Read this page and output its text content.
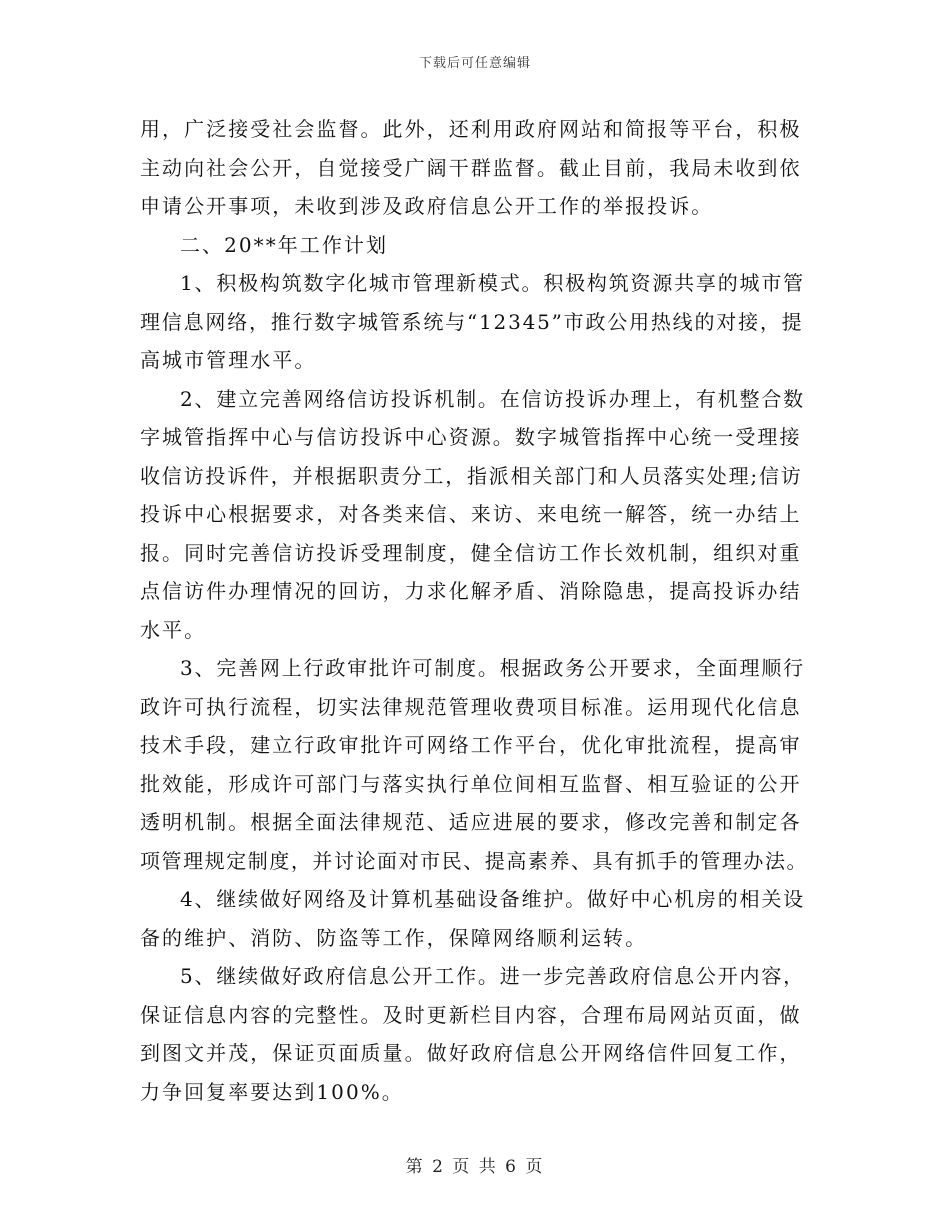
下载后可任意编辑
用，广泛接受社会监督。此外，还利用政府网站和简报等平台，积极
主动向社会公开，自觉接受广阔干群监督。截止目前，我局未收到依
申请公开事项，未收到涉及政府信息公开工作的举报投诉。
二、20**年工作计划
1、积极构筑数字化城市管理新模式。积极构筑资源共享的城市管
理信息网络，推行数字城管系统与“12345”市政公用热线的对接，提
高城市管理水平。
2、建立完善网络信访投诉机制。在信访投诉办理上，有机整合数
字城管指挥中心与信访投诉中心资源。数字城管指挥中心统一受理接
收信访投诉件，并根据职责分工，指派相关部门和人员落实处理;信访
投诉中心根据要求，对各类来信、来访、来电统一解答，统一办结上
报。同时完善信访投诉受理制度，健全信访工作长效机制，组织对重
点信访件办理情况的回访，力求化解矛盾、消除隐患，提高投诉办结
水平。
3、完善网上行政审批许可制度。根据政务公开要求，全面理顺行
政许可执行流程，切实法律规范管理收费项目标准。运用现代化信息
技术手段，建立行政审批许可网络工作平台，优化审批流程，提高审
批效能，形成许可部门与落实执行单位间相互监督、相互验证的公开
透明机制。根据全面法律规范、适应进展的要求，修改完善和制定各
项管理规定制度，并讨论面对市民、提高素养、具有抓手的管理办法。
4、继续做好网络及计算机基础设备维护。做好中心机房的相关设
备的维护、消防、防盗等工作，保障网络顺利运转。
5、继续做好政府信息公开工作。进一步完善政府信息公开内容，
保证信息内容的完整性。及时更新栏目内容，合理布局网站页面，做
到图文并茂，保证页面质量。做好政府信息公开网络信件回复工作，
力争回复率要达到100%。
第 2 页 共 6 页
